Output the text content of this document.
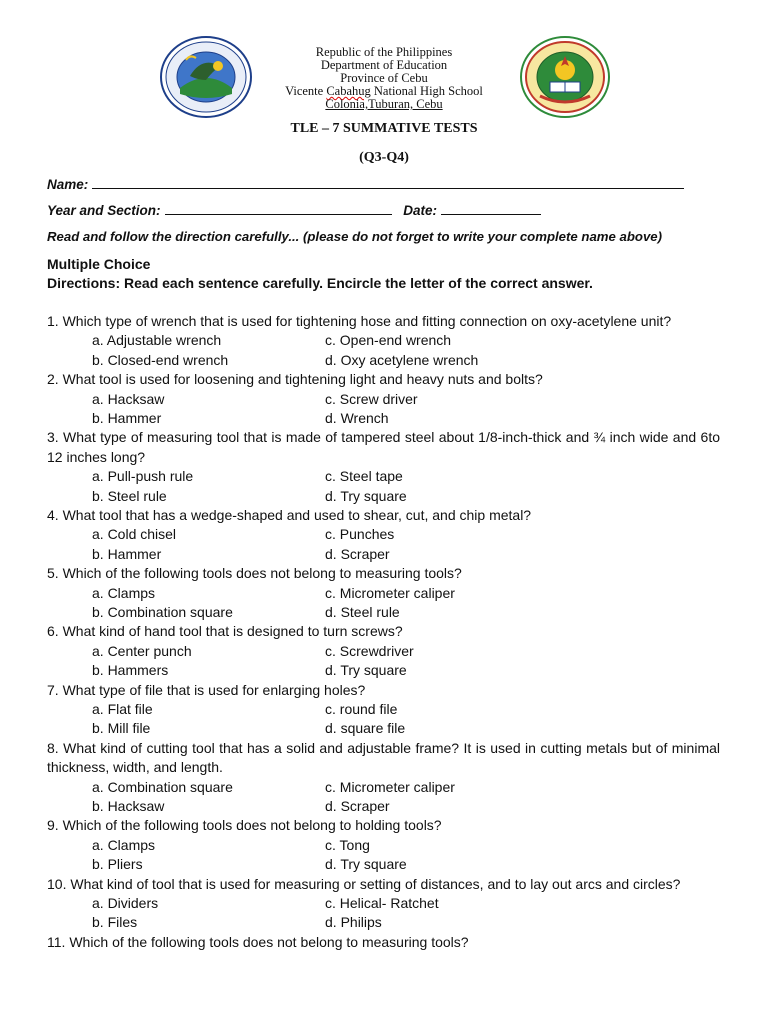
Republic of the Philippines
Department of Education
Province of Cebu
Vicente Cabahug National High School
Colonia,Tuburan, Cebu
TLE – 7 SUMMATIVE TESTS
(Q3-Q4)
Name:
Year and Section:	Date:
Read and follow the direction carefully... (please do not forget to write your complete name above)
Multiple Choice
Directions: Read each sentence carefully. Encircle the letter of the correct answer.

1. Which type of wrench that is used for tightening hose and fitting connection on oxy-acetylene unit?

a. Adjustable wrench	c. Open-end wrench
b. Closed-end wrench	d. Oxy acetylene wrench

2. What tool is used for loosening and tightening light and heavy nuts and bolts?

a. Hacksaw	c. Screw driver
b. Hammer	d. Wrench

3. What type of measuring tool that is made of tampered steel about 1/8-inch-thick and ¾ inch wide and 6to 12 inches long?

a. Pull-push rule	c. Steel tape
b. Steel rule	d. Try square

4. What tool that has a wedge-shaped and used to shear, cut, and chip metal?

a. Cold chisel	c. Punches
b. Hammer	d. Scraper

5. Which of the following tools does not belong to measuring tools?

a. Clamps	c. Micrometer caliper
b. Combination square	d. Steel rule

6. What kind of hand tool that is designed to turn screws?

a. Center punch	c. Screwdriver
b. Hammers	d. Try square

7. What type of file that is used for enlarging holes?

a. Flat file	c. round file
b. Mill file	d. square file

8. What kind of cutting tool that has a solid and adjustable frame? It is used in cutting metals but of minimal thickness, width, and length.

a. Combination square	c. Micrometer caliper
b. Hacksaw	d. Scraper

9. Which of the following tools does not belong to holding tools?

a. Clamps	c. Tong
b. Pliers	d. Try square

10. What kind of tool that is used for measuring or setting of distances, and to lay out arcs and circles?

a. Dividers	c. Helical- Ratchet
b. Files	d. Philips

11. Which of the following tools does not belong to measuring tools?
